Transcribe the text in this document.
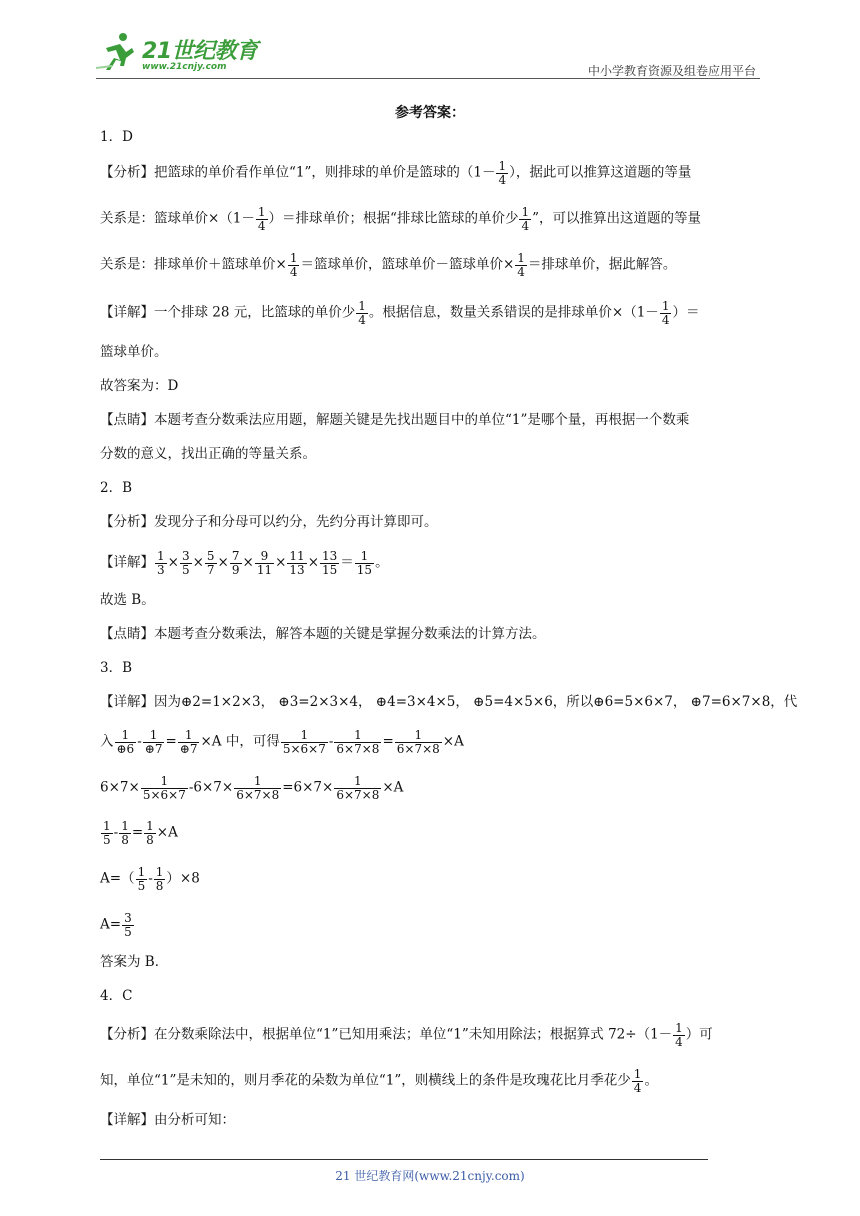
21世纪教育
www.21cnjy.com	中小学教育资源及组卷应用平台
参考答案：
1．D
【分析】把篮球的单价看作单位“1”，则排球的单价是篮球的（$1- \frac{1}{4}$ ），据此可以推算这道题的等量
关系是：篮球单价$\times(1- \frac{1}{4}$ ）＝排球单价；根据“排球比篮球的单价少 $\frac{1}{4}$ ”，可以推算出这道题的等量
关系是：排球单价＋篮球单价× $\frac{1}{4}$ ＝篮球单价，篮球单价－篮球单价× $\frac{1}{4}$ ＝排球单价，据此解答。
【详解】一个排球 28 元，比篮球的单价少 $\frac{1}{4}$ 。根据信息，数量关系错误的是排球单价$\times(1- \frac{1}{4}$ ）＝
篮球单价。
故答案为：D
【点睛】本题考查分数乘法应用题，解题关键是先找出题目中的单位“1”是哪个量，再根据一个数乘
分数的意义，找出正确的等量关系。
2．B
【分析】发现分子和分母可以约分，先约分再计算即可。
【详解】 $\frac{1}{3} \times \frac{3}{5} \times \frac{5}{7} \times \frac{7}{9} \times \frac{9}{11} \times \frac{11}{13} \times \frac{13}{15} = \frac{1}{15}$ 。
故选 B。
【点睛】本题考查分数乘法，解答本题的关键是掌握分数乘法的计算方法。
3．B
【详解】因为⊕2=1×2×3， ⊕3=2×3×4， ⊕4=3×4×5， ⊕5=4×5×6，所以⊕6=5×6×7， ⊕7=6×7×8，代
入 $\frac{1}{\oplus 6} - \frac{1}{\oplus 7} = \frac{1}{\oplus 7} \times A$ 中，可得 $\frac{1}{5\times 6\times 7} - \frac{1}{6\times 7\times 8} = \frac{1}{6\times 7\times 8} \times A$
$6\times 7\times \frac{1}{5\times 6\times 7} -6\times 7\times \frac{1}{6\times 7\times 8} =6\times 7\times \frac{1}{6\times 7\times 8} \times A$
$\frac{1}{5} - \frac{1}{8} = \frac{1}{8} \times A$
$A=( \frac{1}{5} - \frac{1}{8} )\times 8$
$A= \frac{3}{5}$
答案为 B．
4．C
【分析】在分数乘除法中，根据单位“1”已知用乘法；单位“1”未知用除法；根据算式 $72\div(1- \frac{1}{4}$ ）可
知，单位“1”是未知的，则月季花的朵数为单位“1”，则横线上的条件是玫瑰花比月季花少 $\frac{1}{4}$ 。
【详解】由分析可知：
21 世纪教育网(www.21cnjy.com)
